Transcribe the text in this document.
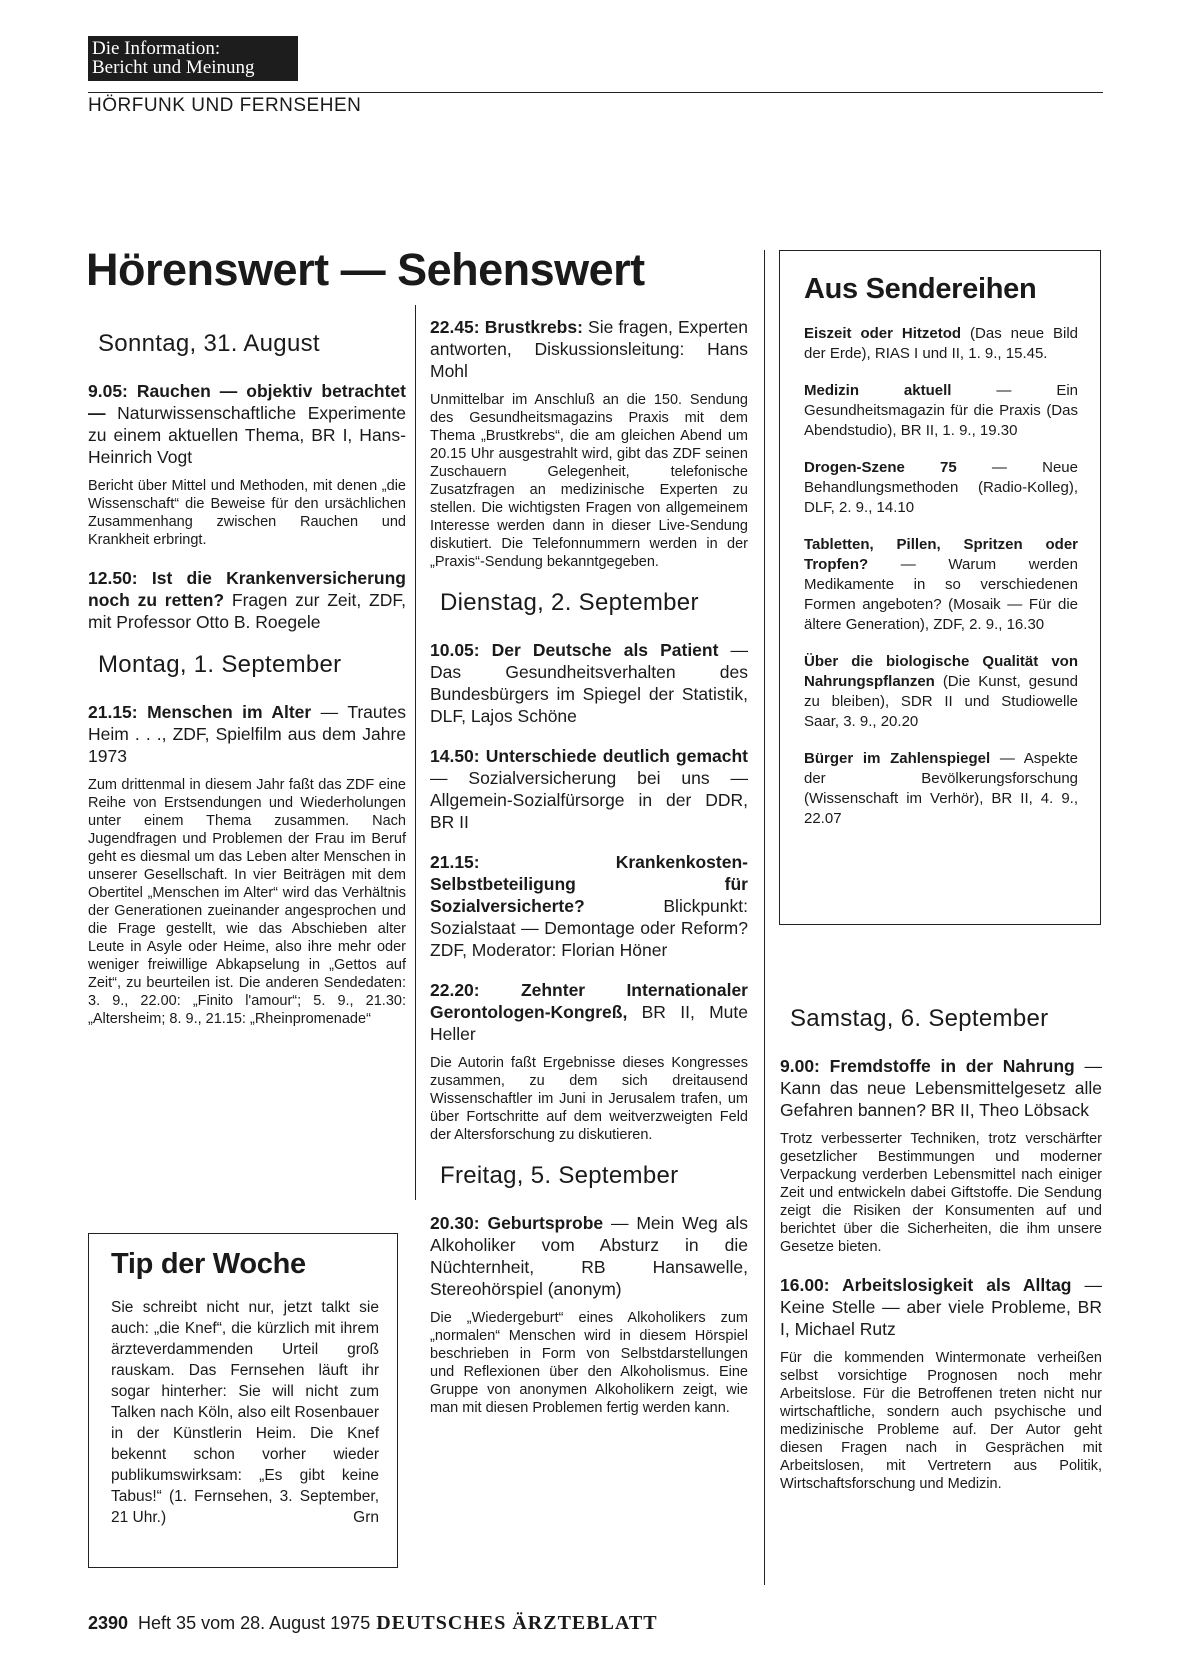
Die Information:
Bericht und Meinung
HÖRFUNK UND FERNSEHEN
Hörenswert — Sehenswert
Sonntag, 31. August
9.05: Rauchen — objektiv betrachtet — Naturwissenschaftliche Experimente zu einem aktuellen Thema, BR I, Hans-Heinrich Vogt
Bericht über Mittel und Methoden, mit denen „die Wissenschaft“ die Beweise für den ursächlichen Zusammenhang zwischen Rauchen und Krankheit erbringt.
12.50: Ist die Krankenversicherung noch zu retten? Fragen zur Zeit, ZDF, mit Professor Otto B. Roegele
Montag, 1. September
21.15: Menschen im Alter — Trautes Heim . . ., ZDF, Spielfilm aus dem Jahre 1973
Zum drittenmal in diesem Jahr faßt das ZDF eine Reihe von Erstsendungen und Wiederholungen unter einem Thema zusammen. Nach Jugendfragen und Problemen der Frau im Beruf geht es diesmal um das Leben alter Menschen in unserer Gesellschaft. In vier Beiträgen mit dem Obertitel „Menschen im Alter“ wird das Verhältnis der Generationen zueinander angesprochen und die Frage gestellt, wie das Abschieben alter Leute in Asyle oder Heime, also ihre mehr oder weniger freiwillige Abkapselung in „Gettos auf Zeit“, zu beurteilen ist. Die anderen Sendedaten: 3. 9., 22.00: „Finito l'amour“; 5. 9., 21.30: „Altersheim; 8. 9., 21.15: „Rheinpromenade“
Tip der Woche
Sie schreibt nicht nur, jetzt talkt sie auch: „die Knef“, die kürzlich mit ihrem ärzteverdammenden Urteil groß rauskam. Das Fernsehen läuft ihr sogar hinterher: Sie will nicht zum Talken nach Köln, also eilt Rosenbauer in der Künstlerin Heim. Die Knef bekennt schon vorher wieder publikumswirksam: „Es gibt keine Tabus!“ (1. Fernsehen, 3. September, 21 Uhr.)	Grn
22.45: Brustkrebs: Sie fragen, Experten antworten, Diskussionsleitung: Hans Mohl
Unmittelbar im Anschluß an die 150. Sendung des Gesundheitsmagazins Praxis mit dem Thema „Brustkrebs“, die am gleichen Abend um 20.15 Uhr ausgestrahlt wird, gibt das ZDF seinen Zuschauern Gelegenheit, telefonische Zusatzfragen an medizinische Experten zu stellen. Die wichtigsten Fragen von allgemeinem Interesse werden dann in dieser Live-Sendung diskutiert. Die Telefonnummern werden in der „Praxis“-Sendung bekanntgegeben.
Dienstag, 2. September
10.05: Der Deutsche als Patient — Das Gesundheitsverhalten des Bundesbürgers im Spiegel der Statistik, DLF, Lajos Schöne
14.50: Unterschiede deutlich gemacht — Sozialversicherung bei uns — Allgemein-Sozialfürsorge in der DDR, BR II
21.15: Krankenkosten-Selbstbeteiligung für Sozialversicherte? Blickpunkt: Sozialstaat — Demontage oder Reform? ZDF, Moderator: Florian Höner
22.20: Zehnter Internationaler Gerontologen-Kongreß, BR II, Mute Heller
Die Autorin faßt Ergebnisse dieses Kongresses zusammen, zu dem sich dreitausend Wissenschaftler im Juni in Jerusalem trafen, um über Fortschritte auf dem weitverzweigten Feld der Altersforschung zu diskutieren.
Freitag, 5. September
20.30: Geburtsprobe — Mein Weg als Alkoholiker vom Absturz in die Nüchternheit, RB Hansawelle, Stereohörspiel (anonym)
Die „Wiedergeburt“ eines Alkoholikers zum „normalen“ Menschen wird in diesem Hörspiel beschrieben in Form von Selbstdarstellungen und Reflexionen über den Alkoholismus. Eine Gruppe von anonymen Alkoholikern zeigt, wie man mit diesen Problemen fertig werden kann.
Aus Sendereihen
Eiszeit oder Hitzetod (Das neue Bild der Erde), RIAS I und II, 1. 9., 15.45.
Medizin aktuell — Ein Gesundheitsmagazin für die Praxis (Das Abendstudio), BR II, 1. 9., 19.30
Drogen-Szene 75 — Neue Behandlungsmethoden (Radio-Kolleg), DLF, 2. 9., 14.10
Tabletten, Pillen, Spritzen oder Tropfen? — Warum werden Medikamente in so verschiedenen Formen angeboten? (Mosaik — Für die ältere Generation), ZDF, 2. 9., 16.30
Über die biologische Qualität von Nahrungspflanzen (Die Kunst, gesund zu bleiben), SDR II und Studiowelle Saar, 3. 9., 20.20
Bürger im Zahlenspiegel — Aspekte der Bevölkerungsforschung (Wissenschaft im Verhör), BR II, 4. 9., 22.07
Samstag, 6. September
9.00: Fremdstoffe in der Nahrung — Kann das neue Lebensmittelgesetz alle Gefahren bannen? BR II, Theo Löbsack
Trotz verbesserter Techniken, trotz verschärfter gesetzlicher Bestimmungen und moderner Verpackung verderben Lebensmittel nach einiger Zeit und entwickeln dabei Giftstoffe. Die Sendung zeigt die Risiken der Konsumenten auf und berichtet über die Sicherheiten, die ihm unsere Gesetze bieten.
16.00: Arbeitslosigkeit als Alltag — Keine Stelle — aber viele Probleme, BR I, Michael Rutz
Für die kommenden Wintermonate verheißen selbst vorsichtige Prognosen noch mehr Arbeitslose. Für die Betroffenen treten nicht nur wirtschaftliche, sondern auch psychische und medizinische Probleme auf. Der Autor geht diesen Fragen nach in Gesprächen mit Arbeitslosen, mit Vertretern aus Politik, Wirtschaftsforschung und Medizin.
2390 Heft 35 vom 28. August 1975 DEUTSCHES ÄRZTEBLATT
